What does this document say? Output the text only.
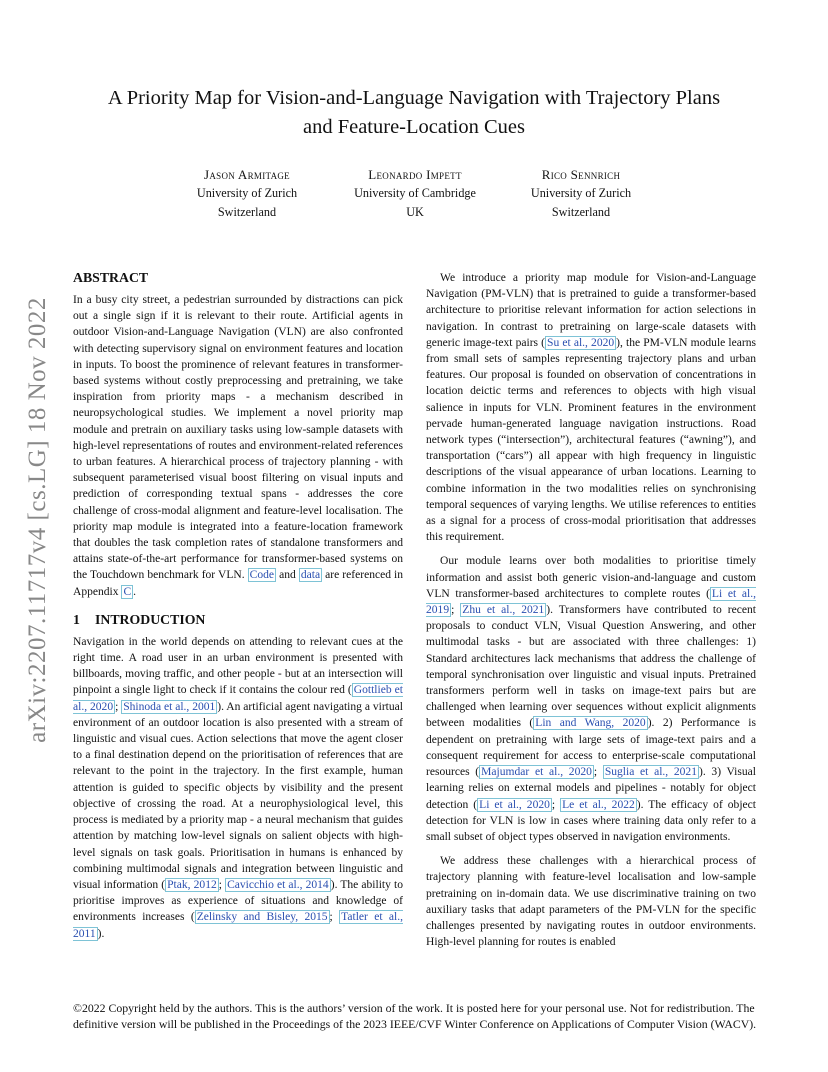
arXiv:2207.11717v4 [cs.LG] 18 Nov 2022
A Priority Map for Vision-and-Language Navigation with Trajectory Plans
and Feature-Location Cues
Jason Armitage
University of Zurich
Switzerland
Leonardo Impett
University of Cambridge
UK
Rico Sennrich
University of Zurich
Switzerland
ABSTRACT

In a busy city street, a pedestrian surrounded by distractions can pick out a single sign if it is relevant to their route. Artificial agents in outdoor Vision-and-Language Navigation (VLN) are also confronted with detecting supervisory signal on environment features and location in inputs. To boost the prominence of relevant features in transformer-based systems without costly preprocessing and pretraining, we take inspiration from priority maps - a mechanism described in neuropsychological studies. We implement a novel priority map module and pretrain on auxiliary tasks using low-sample datasets with high-level representations of routes and environment-related references to urban features. A hierarchical process of trajectory planning - with subsequent parameterised visual boost filtering on visual inputs and prediction of corresponding textual spans - addresses the core challenge of cross-modal alignment and feature-level localisation. The priority map module is integrated into a feature-location framework that doubles the task completion rates of standalone transformers and attains state-of-the-art performance for transformer-based systems on the Touchdown benchmark for VLN. Code and data are referenced in Appendix C .

1 INTRODUCTION

Navigation in the world depends on attending to relevant cues at the right time. A road user in an urban environment is presented with billboards, moving traffic, and other people - but at an intersection will pinpoint a single light to check if it contains the colour red ( Gottlieb et al., 2020 ; Shinoda et al., 2001 ). An artificial agent navigating a virtual environment of an outdoor location is also presented with a stream of linguistic and visual cues. Action selections that move the agent closer to a final destination depend on the prioritisation of references that are relevant to the point in the trajectory. In the first example, human attention is guided to specific objects by visibility and the present objective of crossing the road. At a neurophysiological level, this process is mediated by a priority map - a neural mechanism that guides attention by matching low-level signals on salient objects with high-level signals on task goals. Prioritisation in humans is enhanced by combining multimodal signals and integration between linguistic and visual information ( Ptak, 2012 ; Cavicchio et al., 2014 ). The ability to prioritise improves as experience of situations and knowledge of environments increases ( Zelinsky and Bisley, 2015 ; Tatler et al., 2011 ).

We introduce a priority map module for Vision-and-Language Navigation (PM-VLN) that is pretrained to guide a transformer-based architecture to prioritise relevant information for action selections in navigation. In contrast to pretraining on large-scale datasets with generic image-text pairs ( Su et al., 2020 ), the PM-VLN module learns from small sets of samples representing trajectory plans and urban features. Our proposal is founded on observation of concentrations in location deictic terms and references to objects with high visual salience in inputs for VLN. Prominent features in the environment pervade human-generated language navigation instructions. Road network types (“intersection”), architectural features (“awning”), and transportation (“cars”) all appear with high frequency in linguistic descriptions of the visual appearance of urban locations. Learning to combine information in the two modalities relies on synchronising temporal sequences of varying lengths. We utilise references to entities as a signal for a process of cross-modal prioritisation that addresses this requirement.

Our module learns over both modalities to prioritise timely information and assist both generic vision-and-language and custom VLN transformer-based architectures to complete routes ( Li et al., 2019 ; Zhu et al., 2021 ). Transformers have contributed to recent proposals to conduct VLN, Visual Question Answering, and other multimodal tasks - but are associated with three challenges: 1) Standard architectures lack mechanisms that address the challenge of temporal synchronisation over linguistic and visual inputs. Pretrained transformers perform well in tasks on image-text pairs but are challenged when learning over sequences without explicit alignments between modalities ( Lin and Wang, 2020 ). 2) Performance is dependent on pretraining with large sets of image-text pairs and a consequent requirement for access to enterprise-scale computational resources ( Majumdar et al., 2020 ; Suglia et al., 2021 ). 3) Visual learning relies on external models and pipelines - notably for object detection ( Li et al., 2020 ; Le et al., 2022 ). The efficacy of object detection for VLN is low in cases where training data only refer to a small subset of object types observed in navigation environments.

We address these challenges with a hierarchical process of trajectory planning with feature-level localisation and low-sample pretraining on in-domain data. We use discriminative training on two auxiliary tasks that adapt parameters of the PM-VLN for the specific challenges presented by navigating routes in outdoor environments. High-level planning for routes is enabled

©2022 Copyright held by the authors. This is the authors’ version of the work. It is posted here for your personal use. Not for redistribution. The definitive version will be published in the Proceedings of the 2023 IEEE/CVF Winter Conference on Applications of Computer Vision (WACV).
